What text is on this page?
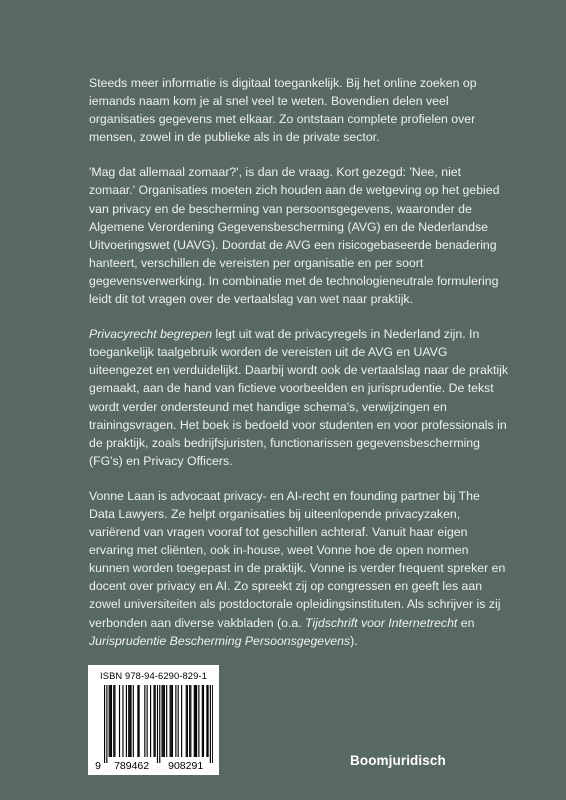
Steeds meer informatie is digitaal toegankelijk. Bij het online zoeken op iemands naam kom je al snel veel te weten. Bovendien delen veel organisaties gegevens met elkaar. Zo ontstaan complete profielen over mensen, zowel in de publieke als in de private sector.

'Mag dat allemaal zomaar?', is dan de vraag. Kort gezegd: 'Nee, niet zomaar.' Organisaties moeten zich houden aan de wetgeving op het gebied van privacy en de bescherming van persoonsgegevens, waaronder de Algemene Verordening Gegevensbescherming (AVG) en de Nederlandse Uitvoeringswet (UAVG). Doordat de AVG een risicogebaseerde benadering hanteert, verschillen de vereisten per organisatie en per soort gegevensverwerking. In combinatie met de technologieneutrale formulering leidt dit tot vragen over de vertaalslag van wet naar praktijk.

Privacyrecht begrepen legt uit wat de privacyregels in Nederland zijn. In toegankelijk taalgebruik worden de vereisten uit de AVG en UAVG uiteengezet en verduidelijkt. Daarbij wordt ook de vertaalslag naar de praktijk gemaakt, aan de hand van fictieve voorbeelden en jurisprudentie. De tekst wordt verder ondersteund met handige schema's, verwijzingen en trainingsvragen. Het boek is bedoeld voor studenten en voor professionals in de praktijk, zoals bedrijfsjuristen, functionarissen gegevensbescherming (FG's) en Privacy Officers.

Vonne Laan is advocaat privacy- en AI-recht en founding partner bij The Data Lawyers. Ze helpt organisaties bij uiteenlopende privacyzaken, variërend van vragen vooraf tot geschillen achteraf. Vanuit haar eigen ervaring met cliënten, ook in-house, weet Vonne hoe de open normen kunnen worden toegepast in de praktijk. Vonne is verder frequent spreker en docent over privacy en AI. Zo spreekt zij op congressen en geeft les aan zowel universiteiten als postdoctorale opleidingsinstituten. Als schrijver is zij verbonden aan diverse vakbladen (o.a. Tijdschrift voor Internetrecht en Jurisprudentie Bescherming Persoonsgegevens).

ISBN 978-94-6290-829-1
9 789462 908291	Boomjuridisch
